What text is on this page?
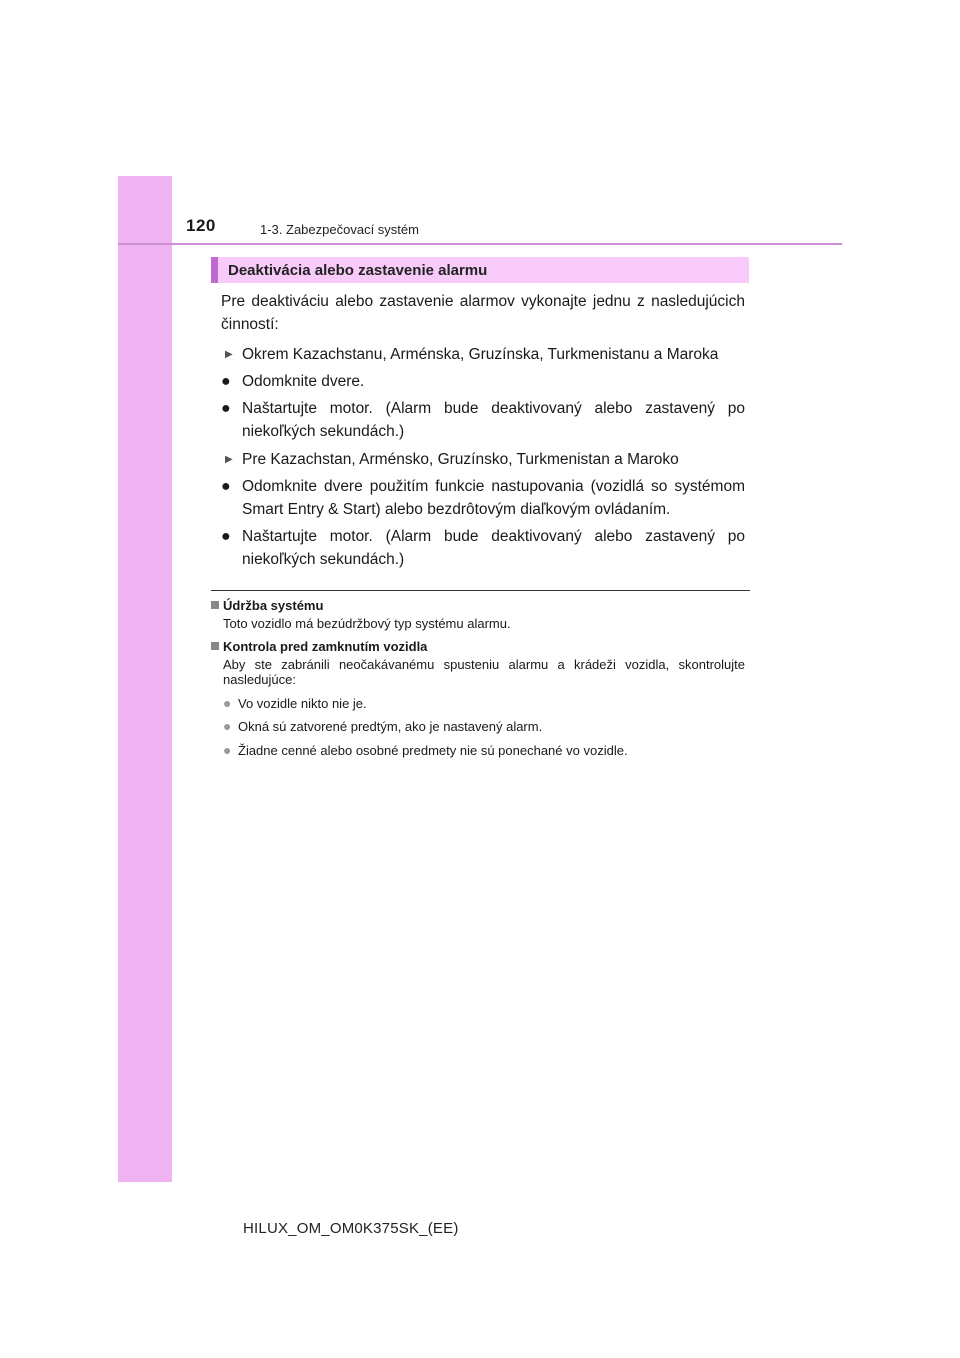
120	1-3. Zabezpečovací systém
Deaktivácia alebo zastavenie alarmu

Pre deaktiváciu alebo zastavenie alarmov vykonajte jednu z nasledujúcich činností:

▶ Okrem Kazachstanu, Arménska, Gruzínska, Turkmenistanu a Maroka
● Odomknite dvere.
● Naštartujte motor. (Alarm bude deaktivovaný alebo zastavený po niekoľkých sekundách.)
▶ Pre Kazachstan, Arménsko, Gruzínsko, Turkmenistan a Maroko
● Odomknite dvere použitím funkcie nastupovania (vozidlá so systémom Smart Entry & Start) alebo bezdrôtovým diaľkovým ovládaním.
● Naštartujte motor. (Alarm bude deaktivovaný alebo zastavený po niekoľkých sekundách.)
Údržba systému
Toto vozidlo má bezúdržbový typ systému alarmu.
Kontrola pred zamknutím vozidla
Aby ste zabránili neočakávanému spusteniu alarmu a krádeži vozidla, skontrolujte nasledujúce:
● Vo vozidle nikto nie je.
● Okná sú zatvorené predtým, ako je nastavený alarm.
● Žiadne cenné alebo osobné predmety nie sú ponechané vo vozidle.
HILUX_OM_OM0K375SK_(EE)
